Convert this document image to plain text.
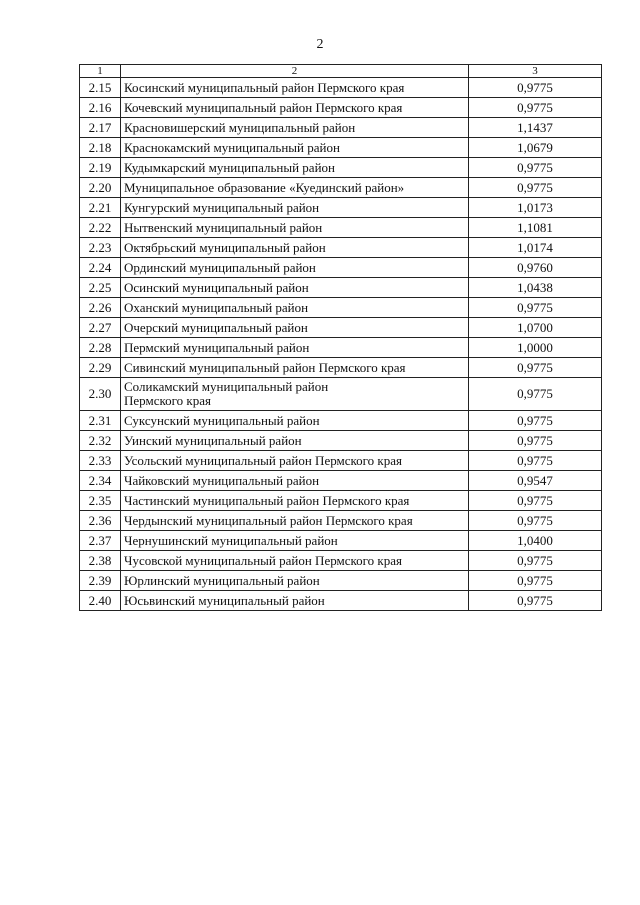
2
1	2	3
2.15	Косинский муниципальный район Пермского края	0,9775
2.16	Кочевский муниципальный район Пермского края	0,9775
2.17	Красновишерский муниципальный район	1,1437
2.18	Краснокамский муниципальный район	1,0679
2.19	Кудымкарский муниципальный район	0,9775
2.20	Муниципальное образование «Куединский район»	0,9775
2.21	Кунгурский муниципальный район	1,0173
2.22	Нытвенский муниципальный район	1,1081
2.23	Октябрьский муниципальный район	1,0174
2.24	Ординский муниципальный район	0,9760
2.25	Осинский муниципальный район	1,0438
2.26	Оханский муниципальный район	0,9775
2.27	Очерский муниципальный район	1,0700
2.28	Пермский муниципальный район	1,0000
2.29	Сивинский муниципальный район Пермского края	0,9775
2.30	Соликамский муниципальный район
Пермского края	0,9775
2.31	Суксунский муниципальный район	0,9775
2.32	Уинский муниципальный район	0,9775
2.33	Усольский муниципальный район Пермского края	0,9775
2.34	Чайковский муниципальный район	0,9547
2.35	Частинский муниципальный район Пермского края	0,9775
2.36	Чердынский муниципальный район Пермского края	0,9775
2.37	Чернушинский муниципальный район	1,0400
2.38	Чусовской муниципальный район Пермского края	0,9775
2.39	Юрлинский муниципальный район	0,9775
2.40	Юсьвинский муниципальный район	0,9775
